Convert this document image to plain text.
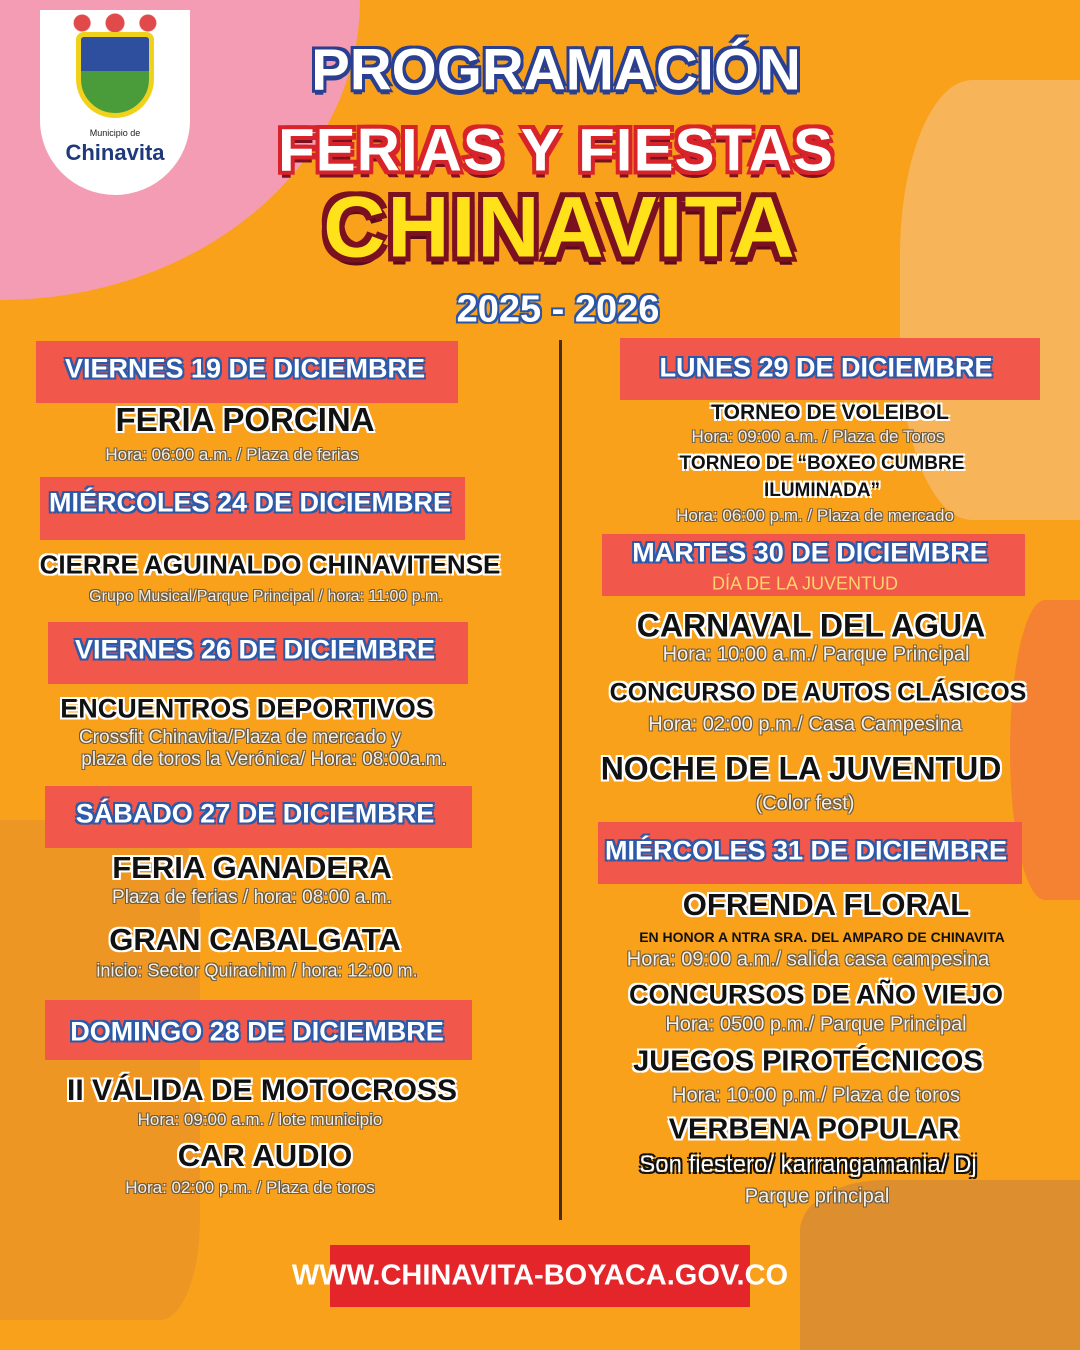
Municipio de
Chinavita
PROGRAMACIÓN
FERIAS Y FIESTAS
CHINAVITA
2025 - 2026
VIERNES 19 DE DICIEMBRE
FERIA PORCINA
Hora: 06:00 a.m. / Plaza de ferias
MIÉRCOLES 24 DE DICIEMBRE
CIERRE AGUINALDO CHINAVITENSE
Grupo Musical/Parque Principal / hora: 11:00 p.m.
VIERNES 26 DE DICIEMBRE
ENCUENTROS DEPORTIVOS
Crossfit Chinavita/Plaza de mercado y
plaza de toros la Verónica/ Hora: 08:00a.m.
SÁBADO 27 DE DICIEMBRE
FERIA GANADERA
Plaza de ferias / hora: 08:00 a.m.
GRAN CABALGATA
inicio: Sector Quirachim / hora: 12:00 m.
DOMINGO 28 DE DICIEMBRE
II VÁLIDA DE MOTOCROSS
Hora: 09:00 a.m. / lote municipio
CAR AUDIO
Hora: 02:00 p.m. / Plaza de toros
LUNES 29 DE DICIEMBRE
TORNEO DE VOLEIBOL
Hora: 09:00 a.m. / Plaza de Toros
TORNEO DE “BOXEO CUMBRE
ILUMINADA”
Hora: 06:00 p.m. / Plaza de mercado
MARTES 30 DE DICIEMBRE
DÍA DE LA JUVENTUD
CARNAVAL DEL AGUA
Hora: 10:00 a.m./ Parque Principal
CONCURSO DE AUTOS CLÁSICOS
Hora: 02:00 p.m./ Casa Campesina
NOCHE DE LA JUVENTUD
(Color fest)
MIÉRCOLES 31 DE DICIEMBRE
OFRENDA FLORAL
EN HONOR A NTRA SRA. DEL AMPARO DE CHINAVITA
Hora: 09:00 a.m./ salida casa campesina
CONCURSOS DE AÑO VIEJO
Hora: 0500 p.m./ Parque Principal
JUEGOS PIROTÉCNICOS
Hora: 10:00 p.m./ Plaza de toros
VERBENA POPULAR
Son fiestero/ karrangamania/ Dj
Parque principal
WWW.CHINAVITA-BOYACA.GOV.CO
